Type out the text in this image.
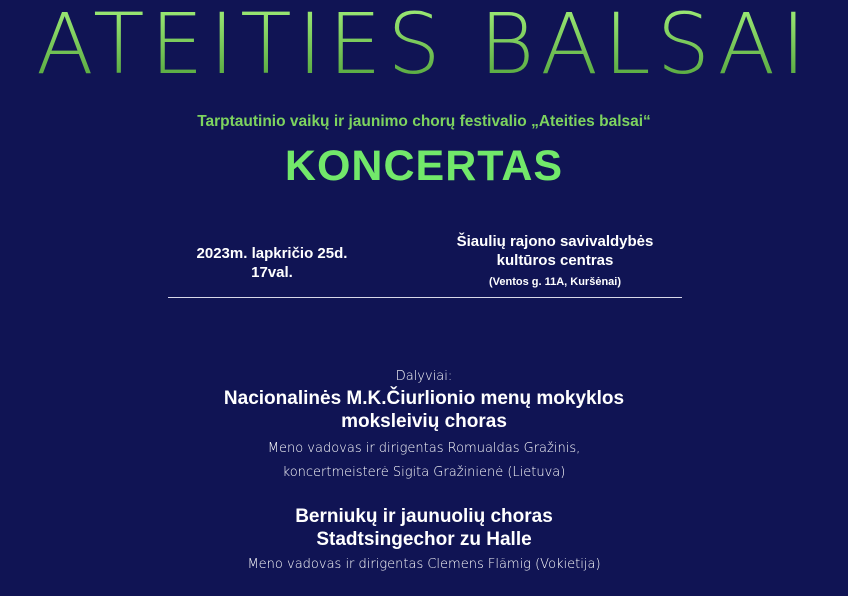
ATEITIES BALSAI
Tarptautinio vaikų ir jaunimo chorų festivalio „Ateities balsai“
KONCERTAS
2023m. lapkričio 25d.
17val.
Šiaulių rajono savivaldybės
kultūros centras
(Ventos g. 11A, Kuršėnai)
Dalyviai:
Nacionalinės M.K.Čiurlionio menų mokyklos
moksleivių choras
Meno vadovas ir dirigentas Romualdas Gražinis,
koncertmeisterė Sigita Gražinienė (Lietuva)
Berniukų ir jaunuolių choras
Stadtsingechor zu Halle
Meno vadovas ir dirigentas Clemens Flämig (Vokietija)
